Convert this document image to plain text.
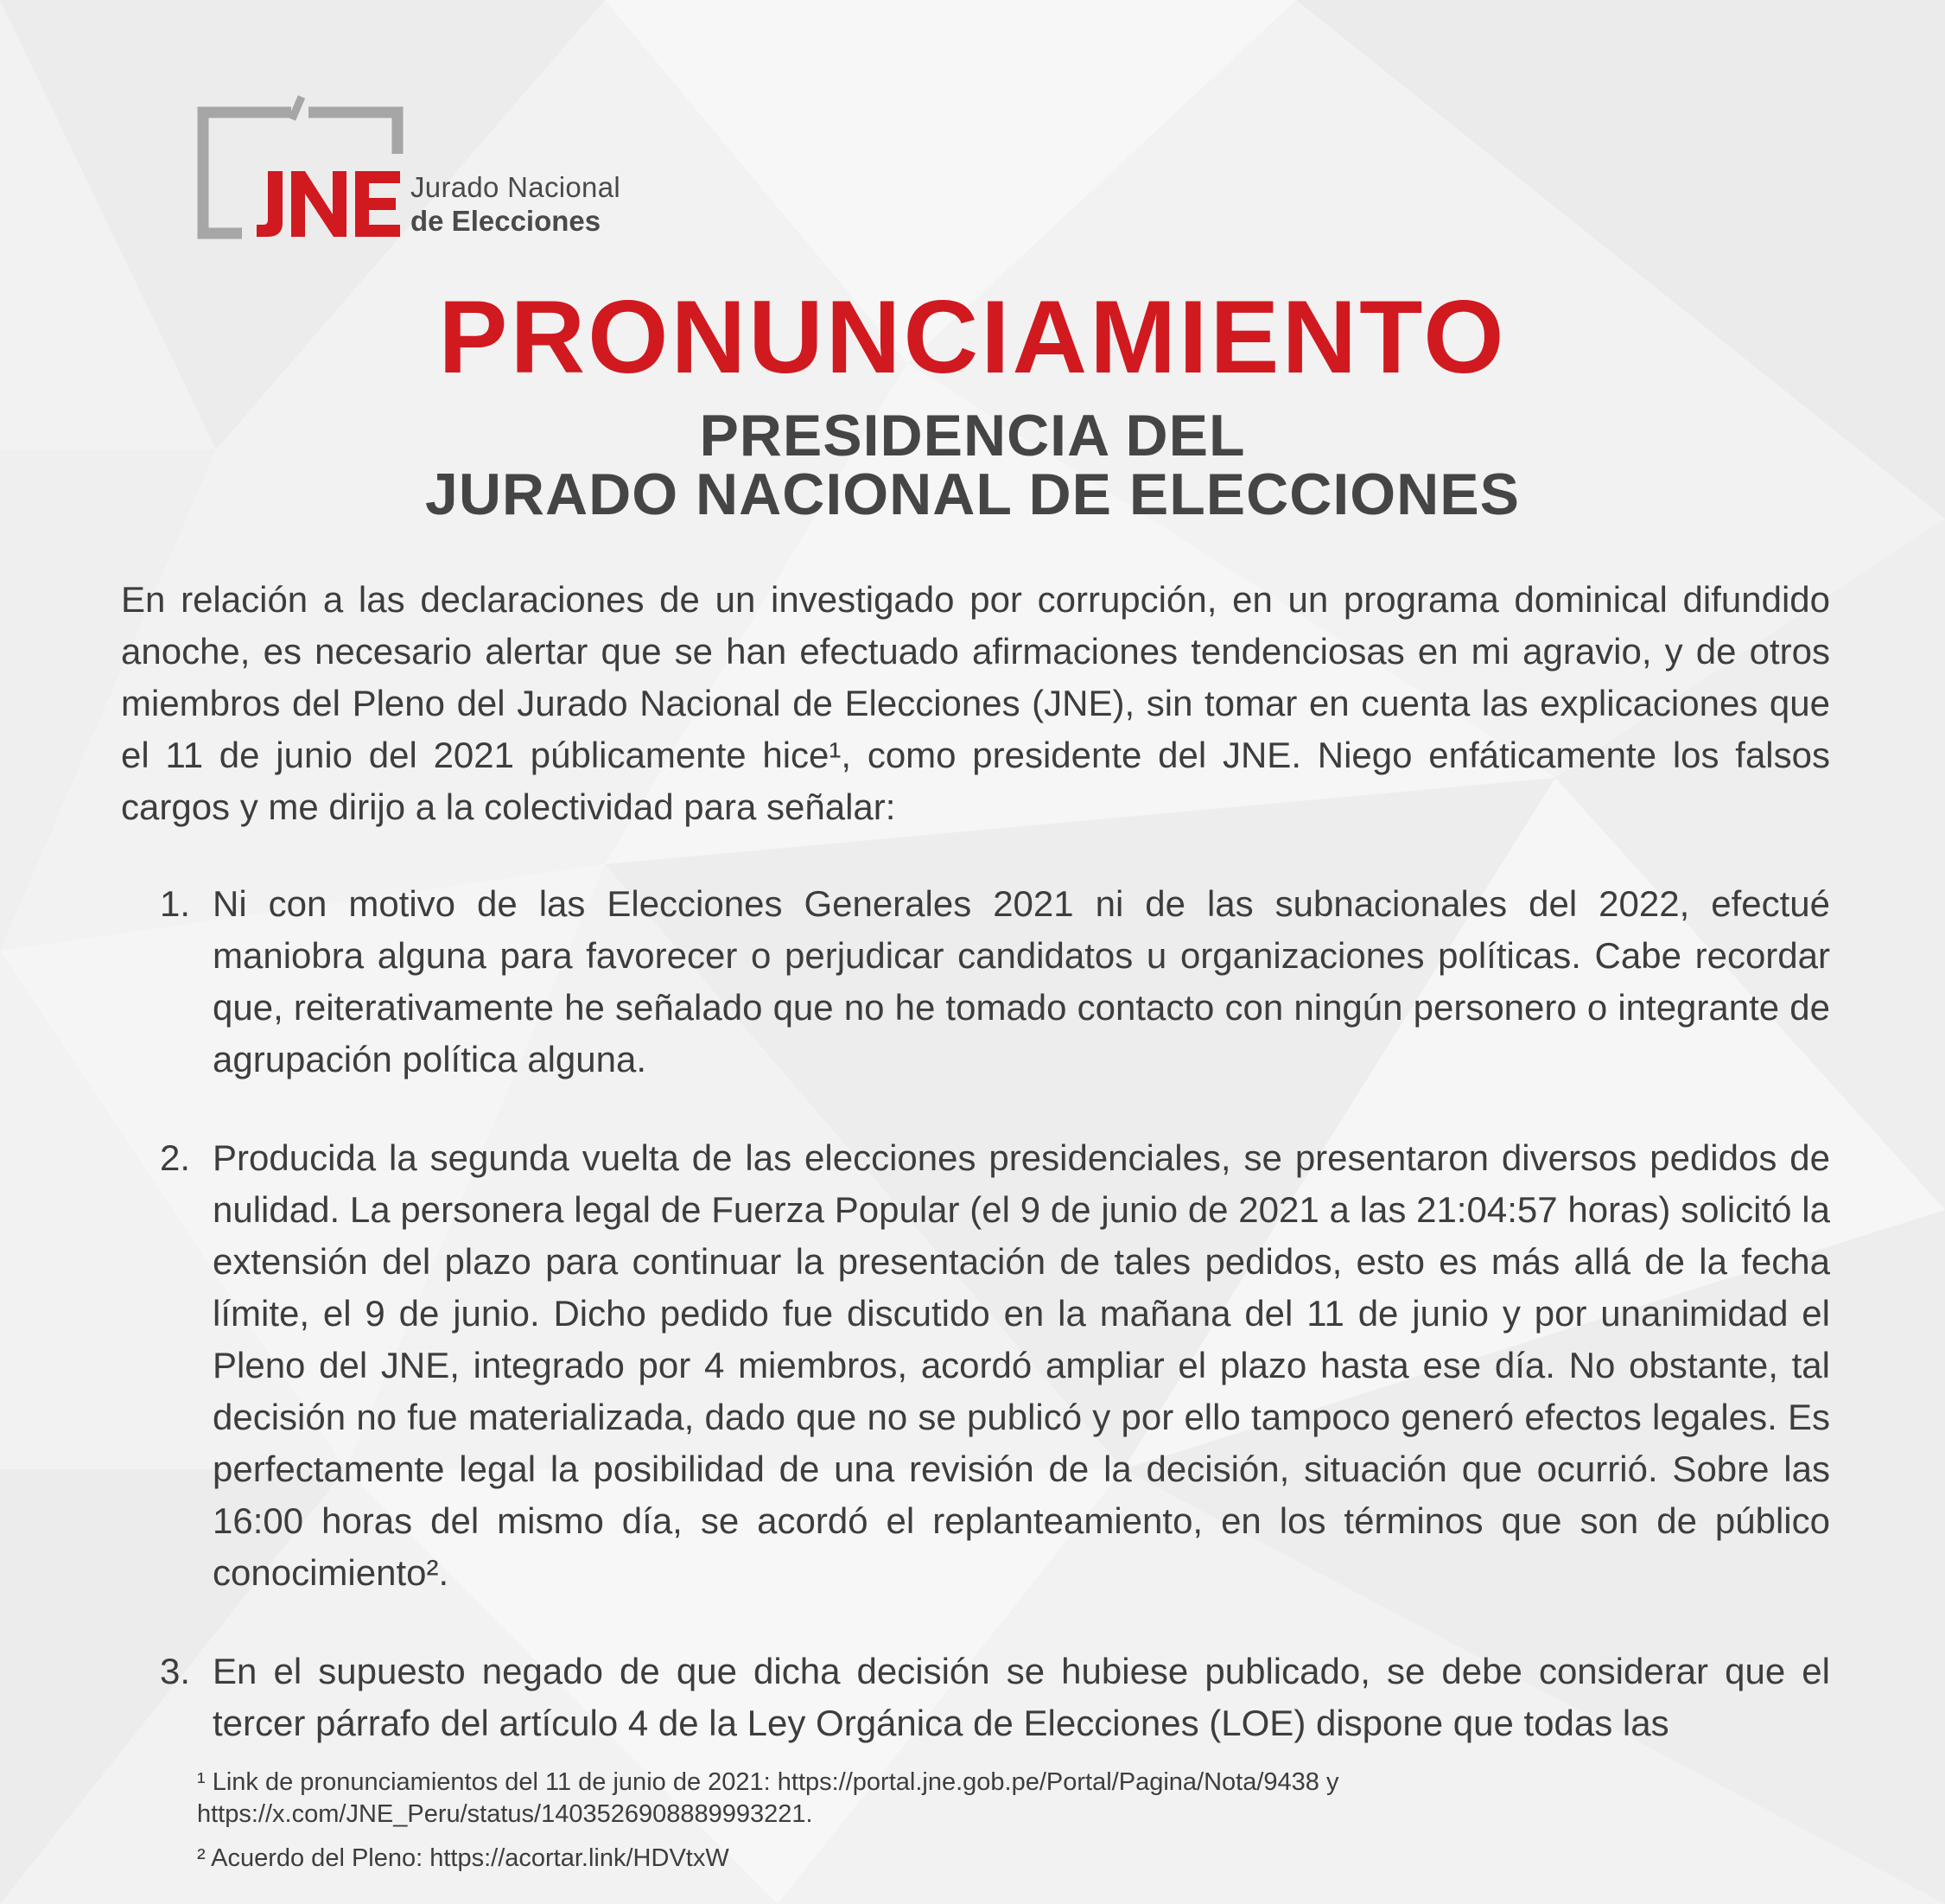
Jurado Nacional
de Elecciones
PRONUNCIAMIENTO
PRESIDENCIA DEL
JURADO NACIONAL DE ELECCIONES

En relación a las declaraciones de un investigado por corrupción, en un programa dominical difundido anoche, es necesario alertar que se han efectuado afirmaciones tendenciosas en mi agravio, y de otros miembros del Pleno del Jurado Nacional de Elecciones (JNE), sin tomar en cuenta las explicaciones que el 11 de junio del 2021 públicamente hice¹, como presidente del JNE. Niego enfáticamente los falsos cargos y me dirijo a la colectividad para señalar:

1. Ni con motivo de las Elecciones Generales 2021 ni de las subnacionales del 2022, efectué maniobra alguna para favorecer o perjudicar candidatos u organizaciones políticas. Cabe recordar que, reiterativamente he señalado que no he tomado contacto con ningún personero o integrante de agrupación política alguna.
2. Producida la segunda vuelta de las elecciones presidenciales, se presentaron diversos pedidos de nulidad. La personera legal de Fuerza Popular (el 9 de junio de 2021 a las 21:04:57 horas) solicitó la extensión del plazo para continuar la presentación de tales pedidos, esto es más allá de la fecha límite, el 9 de junio. Dicho pedido fue discutido en la mañana del 11 de junio y por unanimidad el Pleno del JNE, integrado por 4 miembros, acordó ampliar el plazo hasta ese día. No obstante, tal decisión no fue materializada, dado que no se publicó y por ello tampoco generó efectos legales. Es perfectamente legal la posibilidad de una revisión de la decisión, situación que ocurrió. Sobre las 16:00 horas del mismo día, se acordó el replanteamiento, en los términos que son de público conocimiento².
3. En el supuesto negado de que dicha decisión se hubiese publicado, se debe considerar que el tercer párrafo del artículo 4 de la Ley Orgánica de Elecciones (LOE) dispone que todas las
¹ Link de pronunciamientos del 11 de junio de 2021: https://portal.jne.gob.pe/Portal/Pagina/Nota/9438 y https://x.com/JNE_Peru/status/1403526908889993221.
² Acuerdo del Pleno: https://acortar.link/HDVtxW
